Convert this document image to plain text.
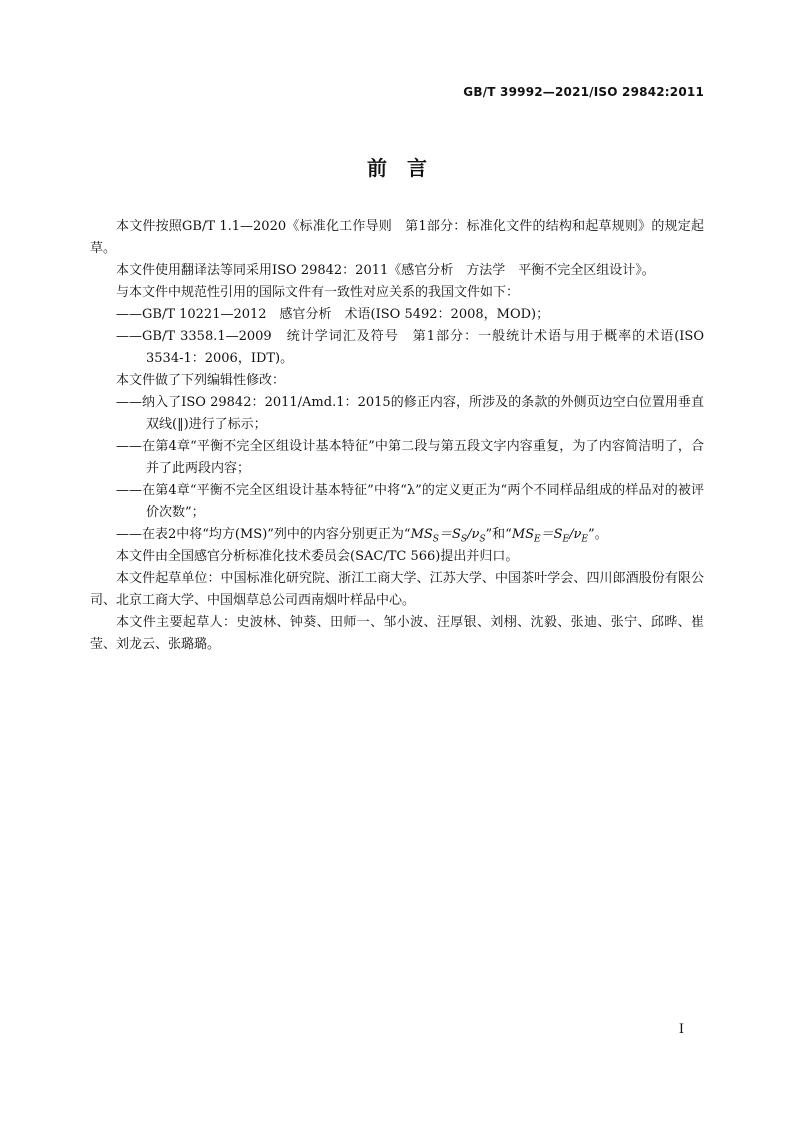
GB/T 39992—2021/ISO 29842:2011
前　言

本文件按照GB/T 1.1—2020《标准化工作导则　第1部分：标准化文件的结构和起草规则》的规定起草。

本文件使用翻译法等同采用ISO 29842：2011《感官分析　方法学　平衡不完全区组设计》。

与本文件中规范性引用的国际文件有一致性对应关系的我国文件如下：

——GB/T 10221—2012　感官分析　术语(ISO 5492：2008，MOD)；

——GB/T 3358.1—2009　统计学词汇及符号　第1部分：一般统计术语与用于概率的术语(ISO 3534-1：2006，IDT)。

本文件做了下列编辑性修改：

——纳入了ISO 29842：2011/Amd.1：2015的修正内容，所涉及的条款的外侧页边空白位置用垂直双线(‖)进行了标示；

——在第4章“平衡不完全区组设计基本特征”中第二段与第五段文字内容重复，为了内容简洁明了，合并了此两段内容；

——在第4章“平衡不完全区组设计基本特征”中将“λ”的定义更正为“两个不同样品组成的样品对的被评价次数”；

——在表2中将“均方(MS)”列中的内容分别更正为“$MS_S=S_S/\nu_S$”和“$MS_E=S_E/\nu_E$”。

本文件由全国感官分析标准化技术委员会(SAC/TC 566)提出并归口。

本文件起草单位：中国标准化研究院、浙江工商大学、江苏大学、中国茶叶学会、四川郎酒股份有限公司、北京工商大学、中国烟草总公司西南烟叶样品中心。

本文件主要起草人：史波林、钟葵、田师一、邹小波、汪厚银、刘栩、沈毅、张迪、张宁、邱晔、崔莹、刘龙云、张璐璐。

I
